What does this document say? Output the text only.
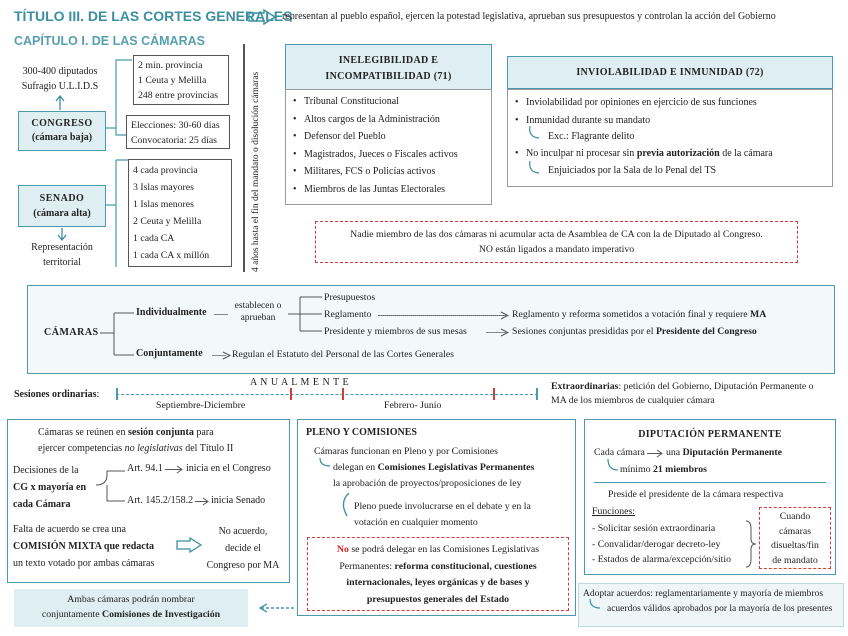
TÍTULO III. DE LAS CORTES GENERALES
representan al pueblo español, ejercen la potestad legislativa, aprueban sus presupuestos y controlan la acción del Gobierno
CAPÍTULO I. DE LAS CÁMARAS
300-400 diputados
Sufragio U.L.I.D.S
CONGRESO
(cámara baja)
2 mín. provincia
1 Ceuta y Melilla
248 entre provincias
Elecciones: 30-60 días
Convocatoria: 25 días
SENADO
(cámara alta)
4 cada provincia
3 Islas mayores
1 Islas menores
2 Ceuta y Melilla
1 cada CA
1 cada CA x millón
Representación territorial	4 años hasta el fin del mandato o disolución cámaras
INELEGIBILIDAD E INCOMPATIBILIDAD (71)
• Tribunal Constitucional
• Altos cargos de la Administración
• Defensor del Pueblo
• Magistrados, Jueces o Fiscales activos
• Militares, FCS o Policías activos
• Miembros de las Juntas Electorales
INVIOLABILIDAD E INMUNIDAD (72)
• Inviolabilidad por opiniones en ejercicio de sus funciones
• Inmunidad durante su mandato
Exc.: Flagrante delito
• No inculpar ni procesar sin previa autorización de la cámara
Enjuiciados por la Sala de lo Penal del TS
Nadie miembro de las dos cámaras ni acumular acta de Asamblea de CA con la de Diputado al Congreso.
NO están ligados a mandato imperativo
CÁMARAS
Individualmente
establecen o aprueban
Presupuestos
Reglamento
Presidente y miembros de sus mesas
Reglamento y reforma sometidos a votación final y requiere MA
Sesiones conjuntas presididas por el Presidente del Congreso
Conjuntamente	Regulan el Estatuto del Personal de las Cortes Generales
Sesiones ordinarias:
A N U A L M E N T E
Septiembre-Diciembre	Febrero- Junio
Extraordinarias: petición del Gobierno, Diputación Permanente o MA de los miembros de cualquier cámara
Cámaras se reúnen en sesión conjunta para
ejercer competencias no legislativas del Título II
Decisiones de la
CG x mayoría en
cada Cámara
Art. 94.1 inicia en el Congreso
Art. 145.2/158.2 inicia Senado
Falta de acuerdo se crea una
COMISIÓN MIXTA que redacta
un texto votado por ambas cámaras
No acuerdo,
decide el
Congreso por MA
PLENO Y COMISIONES
Cámaras funcionan en Pleno y por Comisiones
delegan en Comisiones Legislativas Permanentes
la aprobación de proyectos/proposiciones de ley
Pleno puede involucrarse en el debate y en la
votación en cualquier momento
No se podrá delegar en las Comisiones Legislativas
Permanentes: reforma constitucional, cuestiones
internacionales, leyes orgánicas y de bases y
presupuestos generales del Estado
DIPUTACIÓN PERMANENTE
Cada cámara una Diputación Permanente
mínimo 21 miembros
Preside el presidente de la cámara respectiva
Funciones:
- Solicitar sesión extraordinaria
- Convalidar/derogar decreto-ley
- Estados de alarma/excepción/sitio
Cuando
cámaras
disueltas/fin
de mandato
Ambas cámaras podrán nombrar
conjuntamente Comisiones de Investigación
Adoptar acuerdos: reglamentariamente y mayoría de miembros
acuerdos válidos aprobados por la mayoría de los presentes
